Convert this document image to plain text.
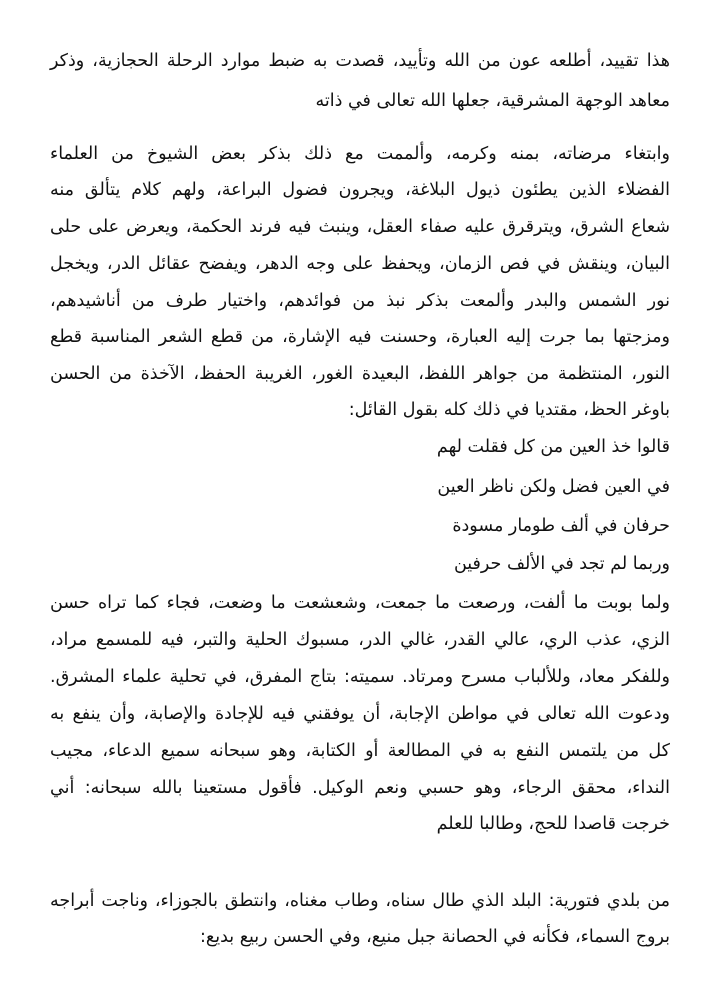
هذا تقييد، أطلعه عون من الله وتأييد، قصدت به ضبط موارد الرحلة الحجازية، وذكر
معاهد الوجهة المشرقية، جعلها الله تعالى في ذاته
وابتغاء مرضاته، بمنه وكرمه، وألممت مع ذلك بذكر بعض الشيوخ من العلماء
الفضلاء الذين يطئون ذيول البلاغة، ويجرون فضول البراعة، ولهم كلام يتألق منه
شعاع الشرق، ويترقرق عليه صفاء العقل، وينبث فيه فرند الحكمة، ويعرض على حلى
البيان، وينقش في فص الزمان، ويحفظ على وجه الدهر، ويفضح عقائل الدر، ويخجل
نور الشمس والبدر وألمعت بذكر نبذ من فوائدهم، واختيار طرف من أناشيدهم،
ومزجتها بما جرت إليه العبارة، وحسنت فيه الإشارة، من قطع الشعر المناسبة قطع
النور، المنتظمة من جواهر اللفظ، البعيدة الغور، الغريبة الحفظ، الآخذة من الحسن
باوغر الحظ، مقتديا في ذلك كله بقول القائل:
قالوا خذ العين من كل فقلت لهم
في العين فضل ولكن ناظر العين
حرفان في ألف طومار مسودة
وربما لم تجد في الألف حرفين
ولما بوبت ما ألفت، ورصعت ما جمعت، وشعشعت ما وضعت، فجاء كما تراه حسن
الزي، عذب الري، عالي القدر، غالي الدر، مسبوك الحلية والتبر، فيه للمسمع مراد،
وللفكر معاد، وللألباب مسرح ومرتاد. سميته: بتاج المفرق، في تحلية علماء المشرق.
ودعوت الله تعالى في مواطن الإجابة، أن يوفقني فيه للإجادة والإصابة، وأن ينفع به
كل من يلتمس النفع به في المطالعة أو الكتابة، وهو سبحانه سميع الدعاء، مجيب
النداء، محقق الرجاء، وهو حسبي ونعم الوكيل. فأقول مستعينا بالله سبحانه: أني
خرجت قاصدا للحج، وطالبا للعلم
من بلدي فتورية: البلد الذي طال سناه، وطاب مغناه، وانتطق بالجوزاء، وناجت أبراجه
بروج السماء، فكأنه في الحصانة جبل منيع، وفي الحسن ربيع بديع:
